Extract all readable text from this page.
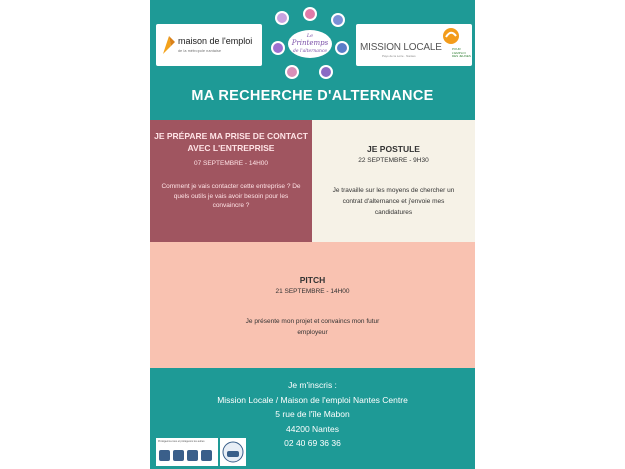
maison de l'emploi
de la métropole nantaise
Le
Printemps
de l'alternance	MISSION LOCALE	POUR L'EMPLOI DES JEUNES
Pays de la Loire · Nantes
MA RECHERCHE D'ALTERNANCE
JE PRÉPARE MA PRISE DE CONTACT AVEC L'ENTREPRISE
07 SEPTEMBRE - 14H00
Comment je vais contacter cette entreprise ? De quels outils je vais avoir besoin pour les convaincre ?
JE POSTULE
22 SEPTEMBRE - 9H30
Je travaille sur les moyens de chercher un contrat d'alternance et j'envoie mes candidatures
PITCH
21 SEPTEMBRE - 14H00
Je présente mon projet et convaincs mon futur employeur
Je m'inscris :
Mission Locale / Maison de l'emploi Nantes Centre
5 rue de l'île Mabon
44200 Nantes
02 40 69 36 36
Protégeons-nous et protégeons les autres
